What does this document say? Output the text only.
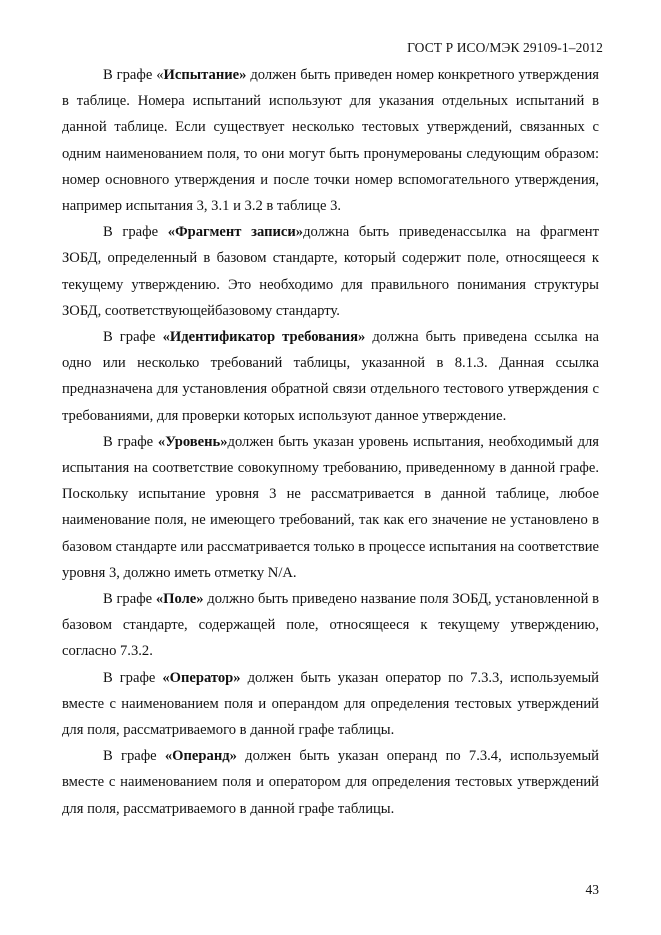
ГОСТ Р ИСО/МЭК 29109-1–2012

В графе «Испытание» должен быть приведен номер конкретного утверждения в таблице. Номера испытаний используют для указания отдельных испытаний в данной таблице. Если существует несколько тестовых утверждений, связанных с одним наименованием поля, то они могут быть пронумерованы следующим образом: номер основного утверждения и после точки номер вспомогательного утверждения, например испытания 3, 3.1 и 3.2 в таблице 3.

В графе «Фрагмент записи»должна быть приведенассылка на фрагмент ЗОБД, определенный в базовом стандарте, который содержит поле, относящееся к текущему утверждению. Это необходимо для правильного понимания структуры ЗОБД, соответствующейбазовому стандарту.

В графе «Идентификатор требования» должна быть приведена ссылка на одно или несколько требований таблицы, указанной в 8.1.3. Данная ссылка предназначена для установления обратной связи отдельного тестового утверждения с требованиями, для проверки которых используют данное утверждение.

В графе «Уровень»должен быть указан уровень испытания, необходимый для испытания на соответствие совокупному требованию, приведенному в данной графе. Поскольку испытание уровня 3 не рассматривается в данной таблице, любое наименование поля, не имеющего требований, так как его значение не установлено в базовом стандарте или рассматривается только в процессе испытания на соответствие уровня 3, должно иметь отметку N/A.

В графе «Поле» должно быть приведено название поля ЗОБД, установленной в базовом стандарте, содержащей поле, относящееся к текущему утверждению, согласно 7.3.2.

В графе «Оператор» должен быть указан оператор по 7.3.3, используемый вместе с наименованием поля и операндом для определения тестовых утверждений для поля, рассматриваемого в данной графе таблицы.

В графе «Операнд» должен быть указан операнд по 7.3.4, используемый вместе с наименованием поля и оператором для определения тестовых утверждений для поля, рассматриваемого в данной графе таблицы.

43
